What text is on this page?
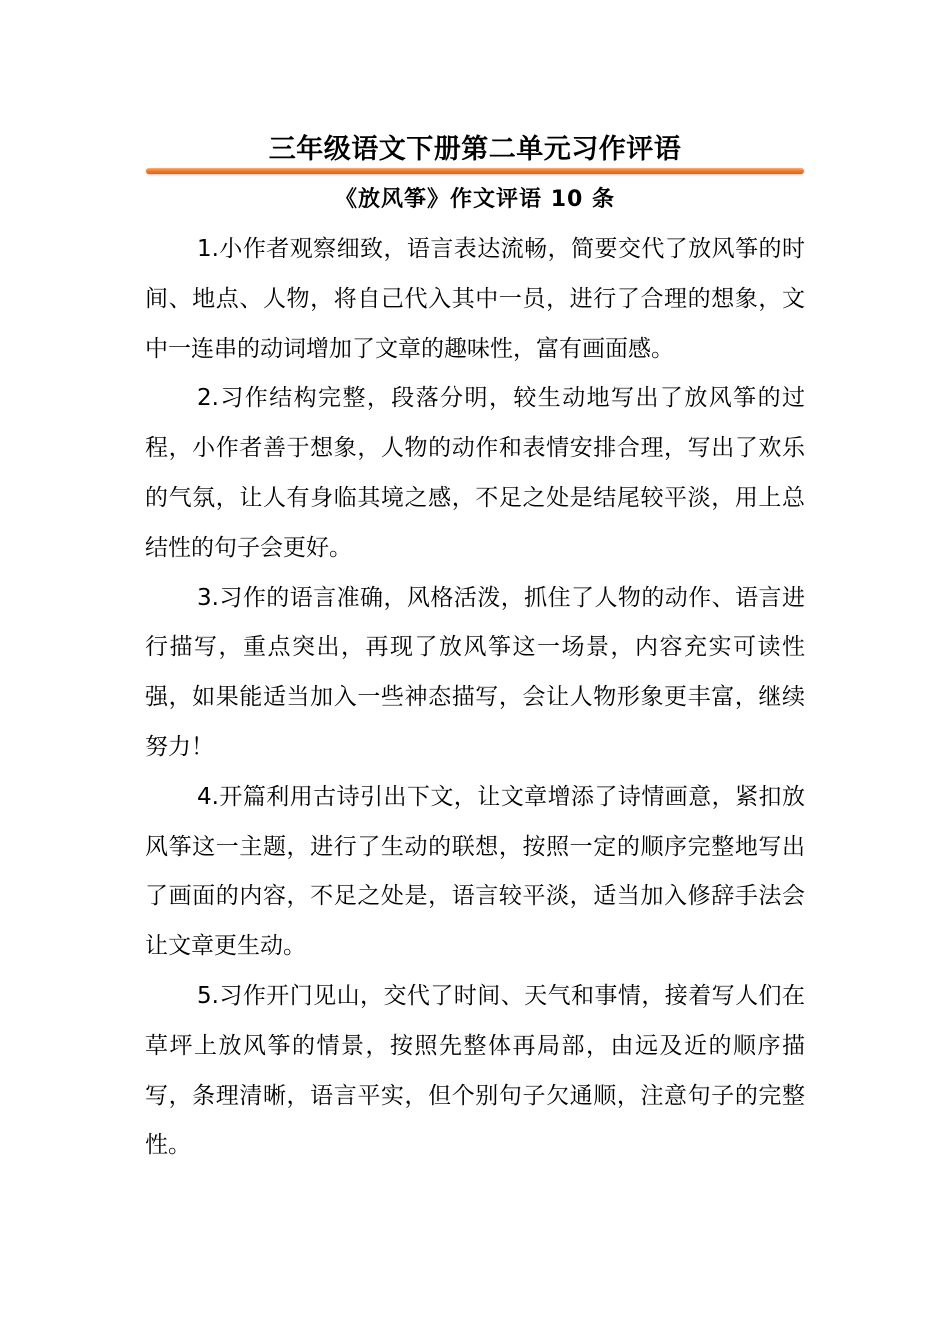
三年级语文下册第二单元习作评语
《放风筝》作文评语 10 条

1.小作者观察细致，语言表达流畅，简要交代了放风筝的时间、地点、人物，将自己代入其中一员，进行了合理的想象，文中一连串的动词增加了文章的趣味性，富有画面感。

2.习作结构完整，段落分明，较生动地写出了放风筝的过程，小作者善于想象，人物的动作和表情安排合理，写出了欢乐的气氛，让人有身临其境之感，不足之处是结尾较平淡，用上总结性的句子会更好。

3.习作的语言准确，风格活泼，抓住了人物的动作、语言进行描写，重点突出，再现了放风筝这一场景，内容充实可读性强，如果能适当加入一些神态描写，会让人物形象更丰富，继续努力！

4.开篇利用古诗引出下文，让文章增添了诗情画意，紧扣放风筝这一主题，进行了生动的联想，按照一定的顺序完整地写出了画面的内容，不足之处是，语言较平淡，适当加入修辞手法会让文章更生动。

5.习作开门见山，交代了时间、天气和事情，接着写人们在草坪上放风筝的情景，按照先整体再局部，由远及近的顺序描写，条理清晰，语言平实，但个别句子欠通顺，注意句子的完整性。
